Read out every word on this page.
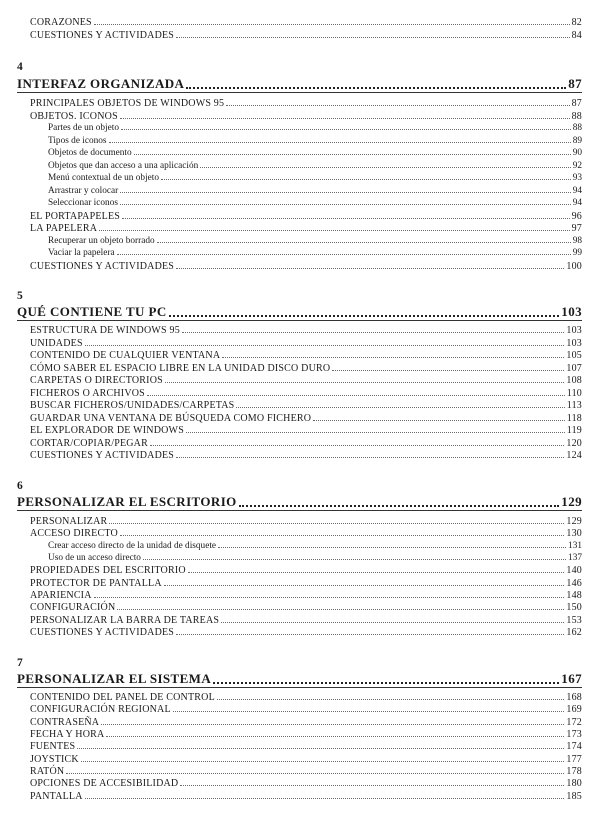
CORAZONES	82
CUESTIONES Y ACTIVIDADES	84
4
INTERFAZ ORGANIZADA	87
PRINCIPALES OBJETOS DE WINDOWS 95	87
OBJETOS. ICONOS	88
Partes de un objeto	88
Tipos de iconos	89
Objetos de documento	90
Objetos que dan acceso a una aplicación	92
Menú contextual de un objeto	93
Arrastrar y colocar	94
Seleccionar iconos	94
EL PORTAPAPELES	96
LA PAPELERA	97
Recuperar un objeto borrado	98
Vaciar la papelera	99
CUESTIONES Y ACTIVIDADES	100
5
QUÉ CONTIENE TU PC	103
ESTRUCTURA DE WINDOWS 95	103
UNIDADES	103
CONTENIDO DE CUALQUIER VENTANA	105
CÓMO SABER EL ESPACIO LIBRE EN LA UNIDAD DISCO DURO	107
CARPETAS O DIRECTORIOS	108
FICHEROS O ARCHIVOS	110
BUSCAR FICHEROS/UNIDADES/CARPETAS	113
GUARDAR UNA VENTANA DE BÚSQUEDA COMO FICHERO	118
EL EXPLORADOR DE WINDOWS	119
CORTAR/COPIAR/PEGAR	120
CUESTIONES Y ACTIVIDADES	124
6
PERSONALIZAR EL ESCRITORIO	129
PERSONALIZAR	129
ACCESO DIRECTO	130
Crear acceso directo de la unidad de disquete	131
Uso de un acceso directo	137
PROPIEDADES DEL ESCRITORIO	140
PROTECTOR DE PANTALLA	146
APARIENCIA	148
CONFIGURACIÓN	150
PERSONALIZAR LA BARRA DE TAREAS	153
CUESTIONES Y ACTIVIDADES	162
7
PERSONALIZAR EL SISTEMA	167
CONTENIDO DEL PANEL DE CONTROL	168
CONFIGURACIÓN REGIONAL	169
CONTRASEÑA	172
FECHA Y HORA	173
FUENTES	174
JOYSTICK	177
RATÓN	178
OPCIONES DE ACCESIBILIDAD	180
PANTALLA	185
